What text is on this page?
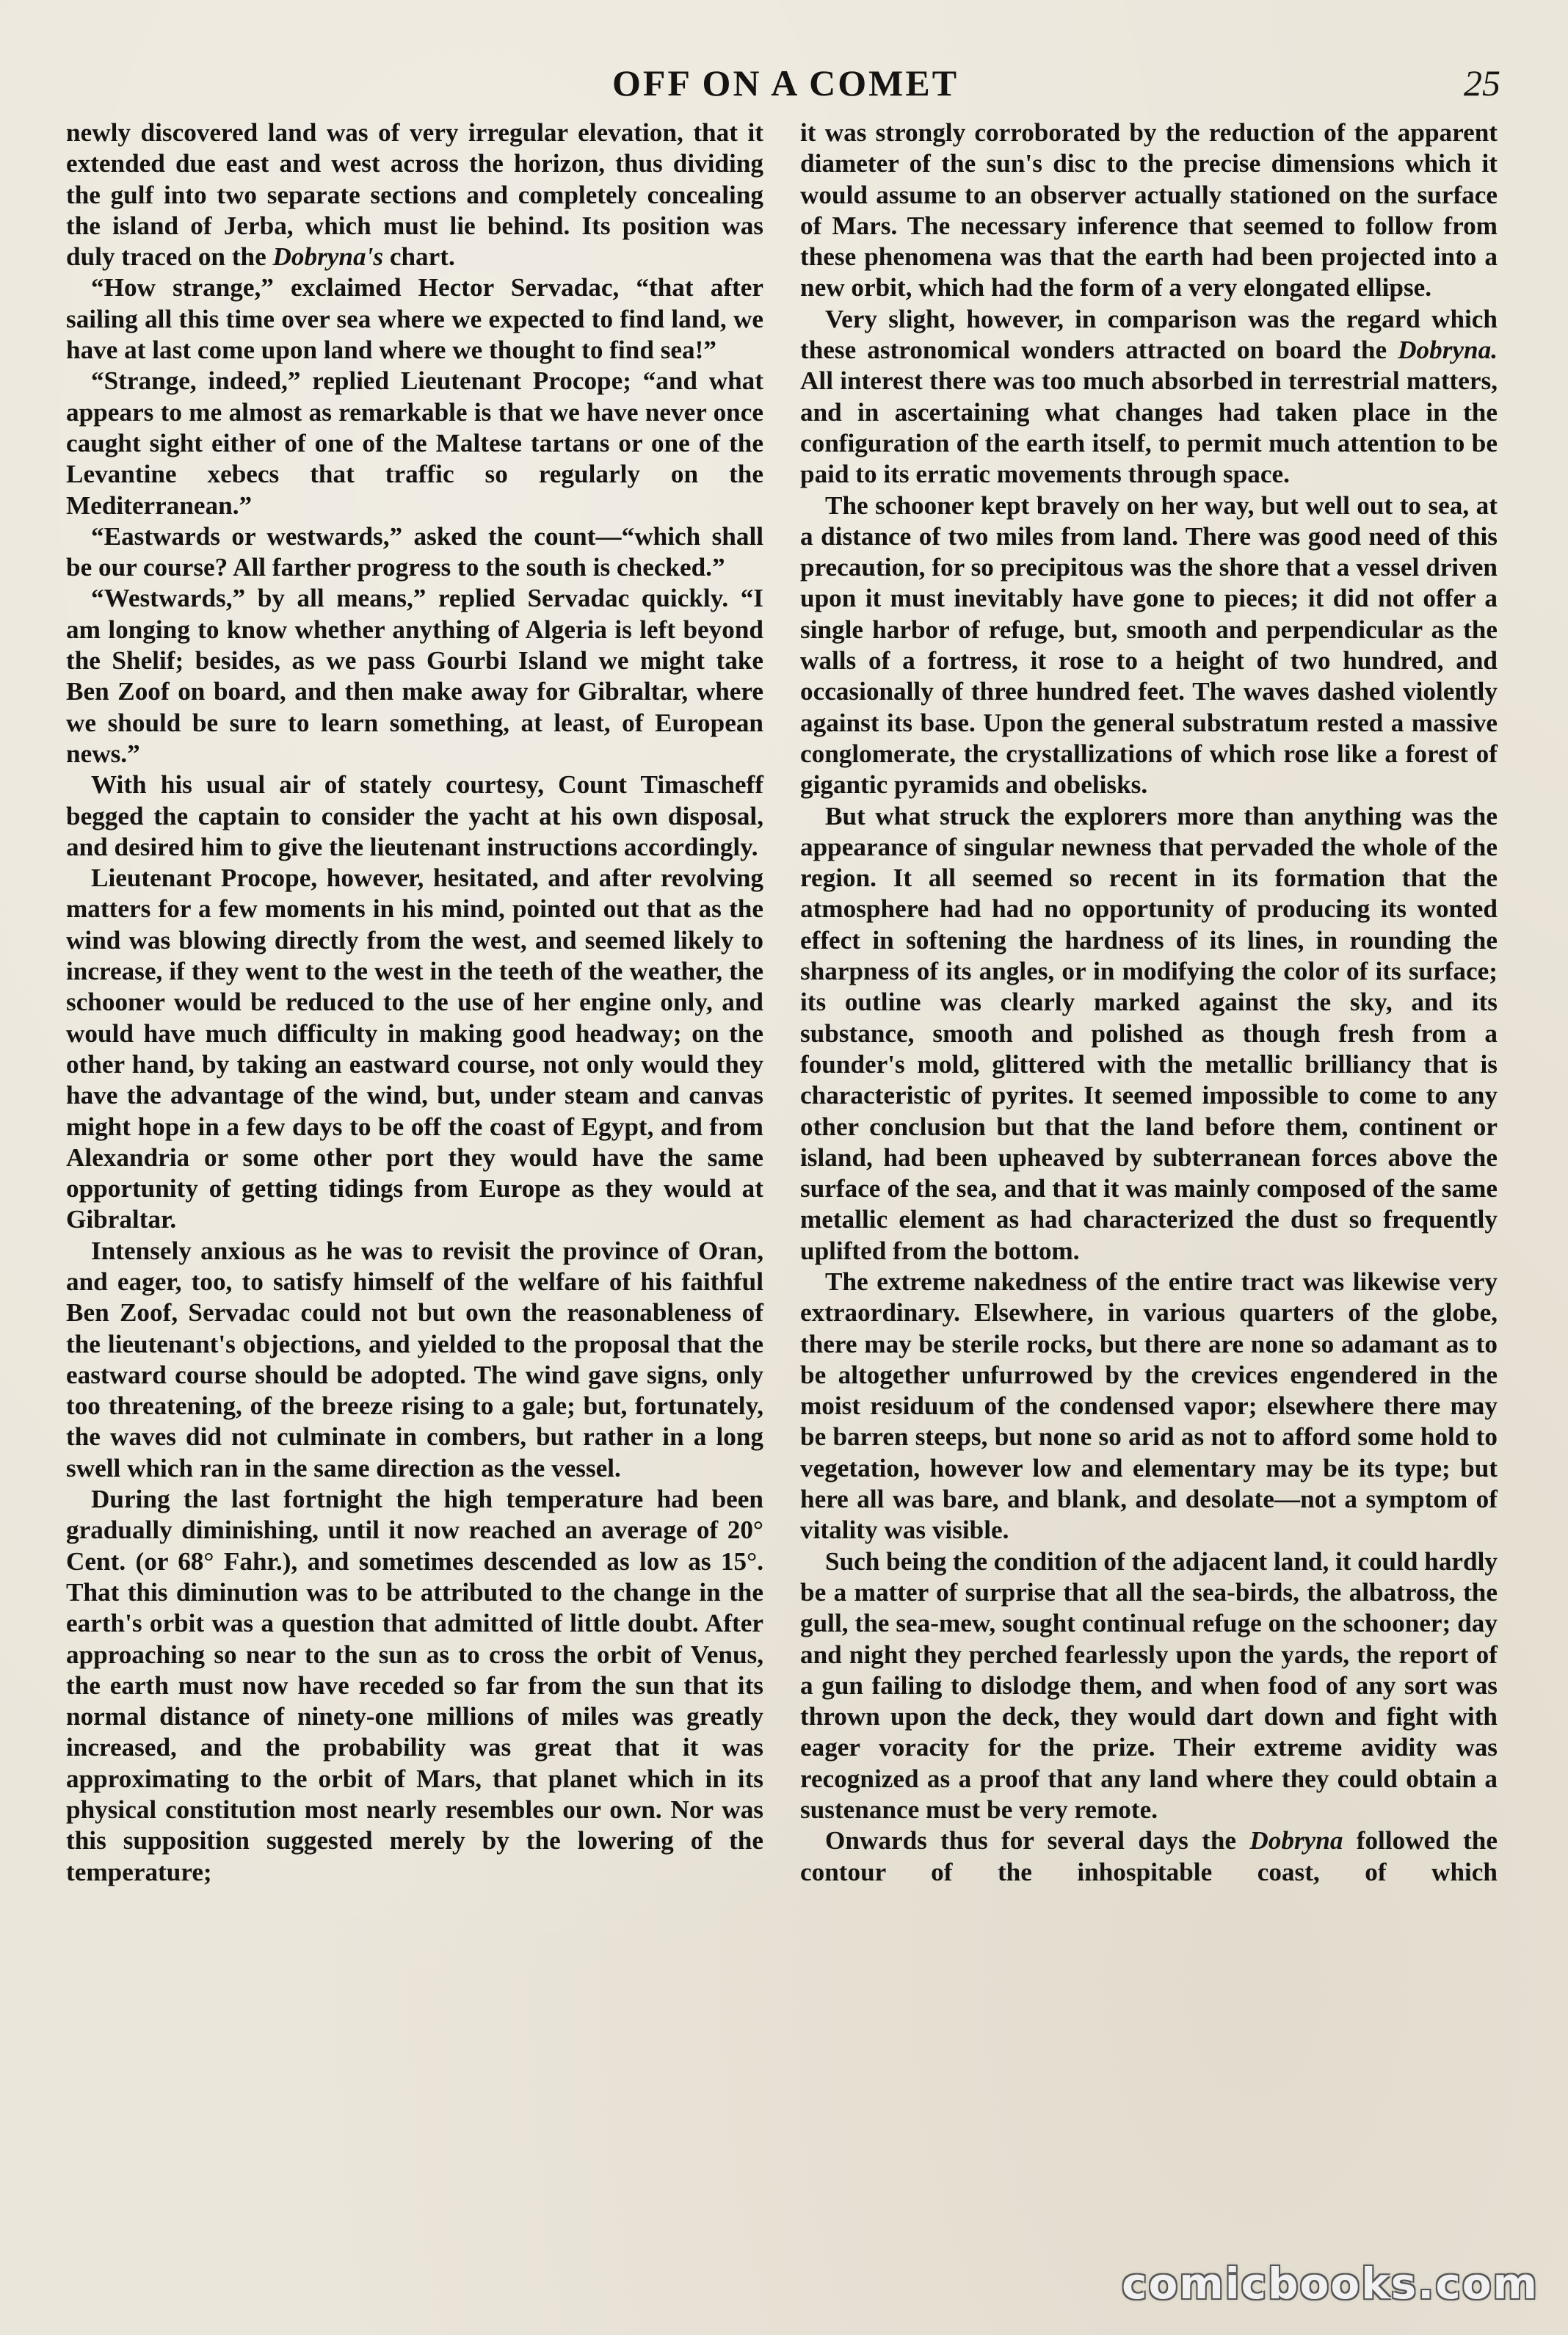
OFF ON A COMET	25

newly discovered land was of very irregular elevation, that it extended due east and west across the horizon, thus dividing the gulf into two separate sections and completely concealing the island of Jerba, which must lie behind. Its position was duly traced on the Dobryna's chart.

“How strange,” exclaimed Hector Servadac, “that after sailing all this time over sea where we expected to find land, we have at last come upon land where we thought to find sea!”

“Strange, indeed,” replied Lieutenant Procope; “and what appears to me almost as remarkable is that we have never once caught sight either of one of the Maltese tartans or one of the Levantine xebecs that traffic so regularly on the Mediterranean.”

“Eastwards or westwards,” asked the count—“which shall be our course? All farther progress to the south is checked.”

“Westwards,” by all means,” replied Servadac quickly. “I am longing to know whether anything of Algeria is left beyond the Shelif; besides, as we pass Gourbi Island we might take Ben Zoof on board, and then make away for Gibraltar, where we should be sure to learn something, at least, of European news.”

With his usual air of stately courtesy, Count Timascheff begged the captain to consider the yacht at his own disposal, and desired him to give the lieutenant instructions accordingly.

Lieutenant Procope, however, hesitated, and after revolving matters for a few moments in his mind, pointed out that as the wind was blowing directly from the west, and seemed likely to increase, if they went to the west in the teeth of the weather, the schooner would be reduced to the use of her engine only, and would have much difficulty in making good headway; on the other hand, by taking an eastward course, not only would they have the advantage of the wind, but, under steam and canvas might hope in a few days to be off the coast of Egypt, and from Alexandria or some other port they would have the same opportunity of getting tidings from Europe as they would at Gibraltar.

Intensely anxious as he was to revisit the province of Oran, and eager, too, to satisfy himself of the welfare of his faithful Ben Zoof, Servadac could not but own the reasonableness of the lieutenant's objections, and yielded to the proposal that the eastward course should be adopted. The wind gave signs, only too threatening, of the breeze rising to a gale; but, fortunately, the waves did not culminate in combers, but rather in a long swell which ran in the same direction as the vessel.

During the last fortnight the high temperature had been gradually diminishing, until it now reached an average of 20° Cent. (or 68° Fahr.), and sometimes descended as low as 15°. That this diminution was to be attributed to the change in the earth's orbit was a question that admitted of little doubt. After approaching so near to the sun as to cross the orbit of Venus, the earth must now have receded so far from the sun that its normal distance of ninety-one millions of miles was greatly increased, and the probability was great that it was approximating to the orbit of Mars, that planet which in its physical constitution most nearly resembles our own. Nor was this supposition suggested merely by the lowering of the temperature;

it was strongly corroborated by the reduction of the apparent diameter of the sun's disc to the precise dimensions which it would assume to an observer actually stationed on the surface of Mars. The necessary inference that seemed to follow from these phenomena was that the earth had been projected into a new orbit, which had the form of a very elongated ellipse.

Very slight, however, in comparison was the regard which these astronomical wonders attracted on board the Dobryna. All interest there was too much absorbed in terrestrial matters, and in ascertaining what changes had taken place in the configuration of the earth itself, to permit much attention to be paid to its erratic movements through space.

The schooner kept bravely on her way, but well out to sea, at a distance of two miles from land. There was good need of this precaution, for so precipitous was the shore that a vessel driven upon it must inevitably have gone to pieces; it did not offer a single harbor of refuge, but, smooth and perpendicular as the walls of a fortress, it rose to a height of two hundred, and occasionally of three hundred feet. The waves dashed violently against its base. Upon the general substratum rested a massive conglomerate, the crystallizations of which rose like a forest of gigantic pyramids and obelisks.

But what struck the explorers more than anything was the appearance of singular newness that pervaded the whole of the region. It all seemed so recent in its formation that the atmosphere had had no opportunity of producing its wonted effect in softening the hardness of its lines, in rounding the sharpness of its angles, or in modifying the color of its surface; its outline was clearly marked against the sky, and its substance, smooth and polished as though fresh from a founder's mold, glittered with the metallic brilliancy that is characteristic of pyrites. It seemed impossible to come to any other conclusion but that the land before them, continent or island, had been upheaved by subterranean forces above the surface of the sea, and that it was mainly composed of the same metallic element as had characterized the dust so frequently uplifted from the bottom.

The extreme nakedness of the entire tract was likewise very extraordinary. Elsewhere, in various quarters of the globe, there may be sterile rocks, but there are none so adamant as to be altogether unfurrowed by the crevices engendered in the moist residuum of the condensed vapor; elsewhere there may be barren steeps, but none so arid as not to afford some hold to vegetation, however low and elementary may be its type; but here all was bare, and blank, and desolate—not a symptom of vitality was visible.

Such being the condition of the adjacent land, it could hardly be a matter of surprise that all the sea-birds, the albatross, the gull, the sea-mew, sought continual refuge on the schooner; day and night they perched fearlessly upon the yards, the report of a gun failing to dislodge them, and when food of any sort was thrown upon the deck, they would dart down and fight with eager voracity for the prize. Their extreme avidity was recognized as a proof that any land where they could obtain a sustenance must be very remote.

Onwards thus for several days the Dobryna followed the contour of the inhospitable coast, of which

comicbooks.com
